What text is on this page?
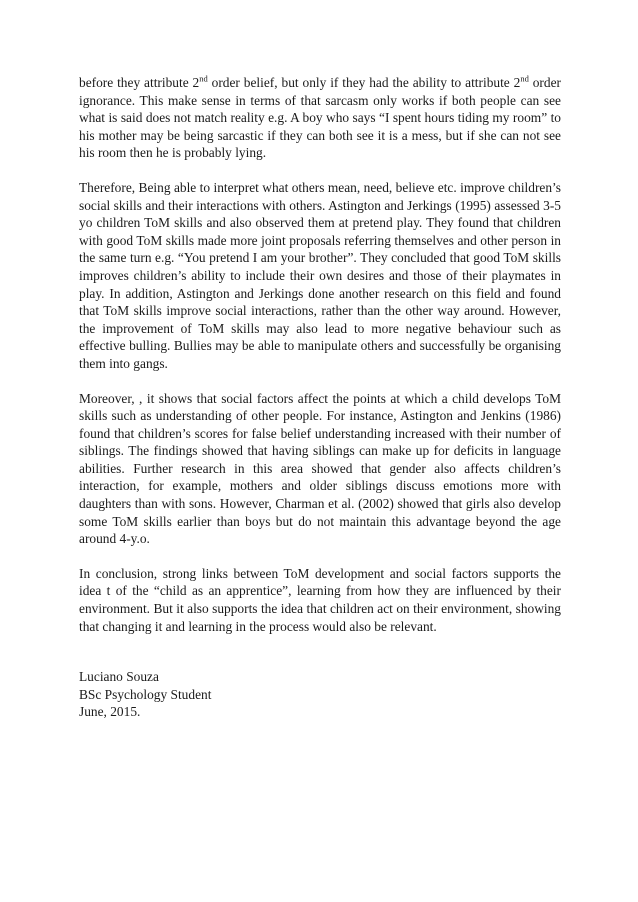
before they attribute 2nd order belief, but only if they had the ability to attribute 2nd order ignorance. This make sense in terms of that sarcasm only works if both people can see what is said does not match reality e.g. A boy who says “I spent hours tiding my room” to his mother may be being sarcastic if they can both see it is a mess, but if she can not see his room then he is probably lying.

Therefore, Being able to interpret what others mean, need, believe etc. improve children’s social skills and their interactions with others. Astington and Jerkings (1995) assessed 3-5 yo children ToM skills and also observed them at pretend play. They found that children with good ToM skills made more joint proposals referring themselves and other person in the same turn e.g. “You pretend I am your brother”. They concluded that good ToM skills improves children’s ability to include their own desires and those of their playmates in play. In addition, Astington and Jerkings done another research on this field and found that ToM skills improve social interactions, rather than the other way around. However, the improvement of ToM skills may also lead to more negative behaviour such as effective bulling. Bullies may be able to manipulate others and successfully be organising them into gangs.

Moreover, , it shows that social factors affect the points at which a child develops ToM skills such as understanding of other people. For instance, Astington and Jenkins (1986) found that children’s scores for false belief understanding increased with their number of siblings. The findings showed that having siblings can make up for deficits in language abilities. Further research in this area showed that gender also affects children’s interaction, for example, mothers and older siblings discuss emotions more with daughters than with sons. However, Charman et al. (2002) showed that girls also develop some ToM skills earlier than boys but do not maintain this advantage beyond the age around 4-y.o.

In conclusion, strong links between ToM development and social factors supports the idea t of the “child as an apprentice”, learning from how they are influenced by their environment. But it also supports the idea that children act on their environment, showing that changing it and learning in the process would also be relevant.

Luciano Souza
BSc Psychology Student
June, 2015.
